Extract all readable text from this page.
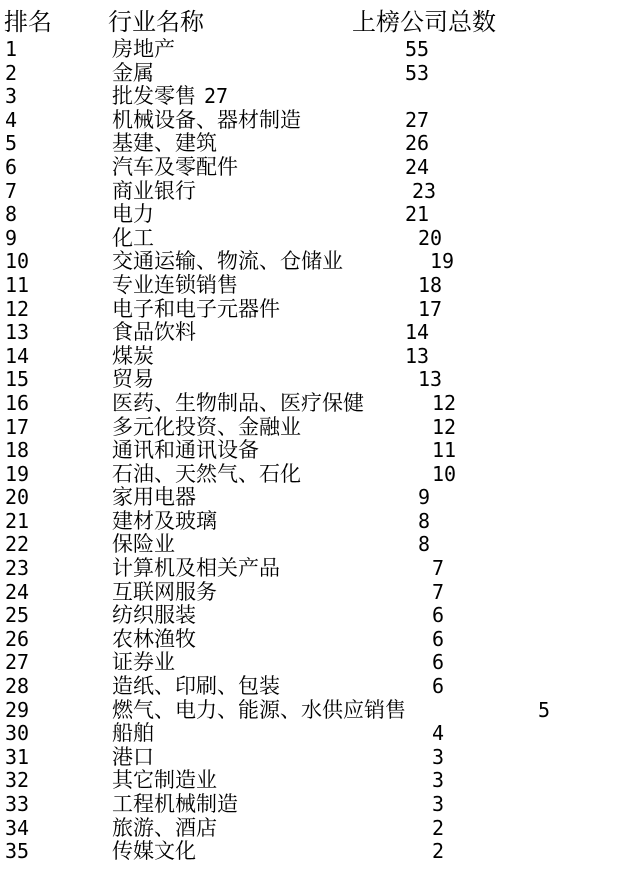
排名 行业名称	上榜公司总数
1	房地产	55
2	金属	53
3	批发零售 27
4	机械设备、器材制造	27
5	基建、建筑	26
6	汽车及零配件	24
7	商业银行	23
8	电力	21
9	化工	20
10	交通运输、物流、仓储业	19
11	专业连锁销售	18
12	电子和电子元器件	17
13	食品饮料	14
14	煤炭	13
15	贸易	13
16	医药、生物制品、医疗保健	12
17	多元化投资、金融业	12
18	通讯和通讯设备	11
19	石油、天然气、石化	10
20	家用电器	9
21	建材及玻璃	8
22	保险业	8
23	计算机及相关产品	7
24	互联网服务	7
25	纺织服装	6
26	农林渔牧	6
27	证券业	6
28	造纸、印刷、包装	6
29	燃气、电力、能源、水供应销售	5
30	船舶	4
31	港口	3
32	其它制造业	3
33	工程机械制造	3
34	旅游、酒店	2
35	传媒文化	2
